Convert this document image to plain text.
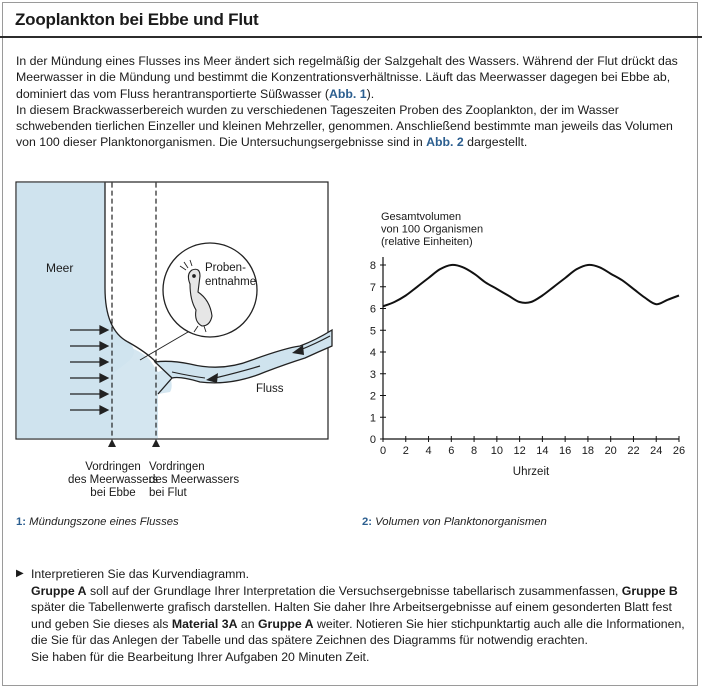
Zooplankton bei Ebbe und Flut

In der Mündung eines Flusses ins Meer ändert sich regelmäßig der Salzgehalt des Wassers. Während der Flut drückt das Meerwasser in die Mündung und bestimmt die Konzentrationsverhältnisse. Läuft das Meerwasser dagegen bei Ebbe ab, dominiert das vom Fluss herantransportierte Süßwasser (Abb. 1).

In diesem Brackwasserbereich wurden zu verschiedenen Tageszeiten Proben des Zooplankton, der im Wasser schwebenden tierlichen Einzeller und kleinen Mehrzeller, genommen. Anschließend bestimmte man jeweils das Volumen von 100 dieser Planktonorganismen. Die Untersuchungsergebnisse sind in Abb. 2 dargestellt.

Meer	Proben-
entnahme
Fluss
Vordringen
des Meerwassers
bei Ebbe
Vordringen
des Meerwassers
bei Flut
1: Mündungszone eines Flusses
Gesamtvolumen
von 100 Organismen
(relative Einheiten)
0
1
2
3
4
5
6
7
8
0 2 4 6 8 10 12 14 16 18 20 22 24 26
Uhrzeit
2: Volumen von Planktonorganismen
▶ Interpretieren Sie das Kurvendiagramm.

Gruppe A soll auf der Grundlage Ihrer Interpretation die Versuchsergebnisse tabellarisch zusammenfassen, Gruppe B später die Tabellenwerte grafisch darstellen. Halten Sie daher Ihre Arbeitsergebnisse auf einem gesonderten Blatt fest und geben Sie dieses als Material 3A an Gruppe A weiter. Notieren Sie hier stichpunktartig auch alle die Informationen, die Sie für das Anlegen der Tabelle und das spätere Zeichnen des Diagramms für notwendig erachten.

Sie haben für die Bearbeitung Ihrer Aufgaben 20 Minuten Zeit.
